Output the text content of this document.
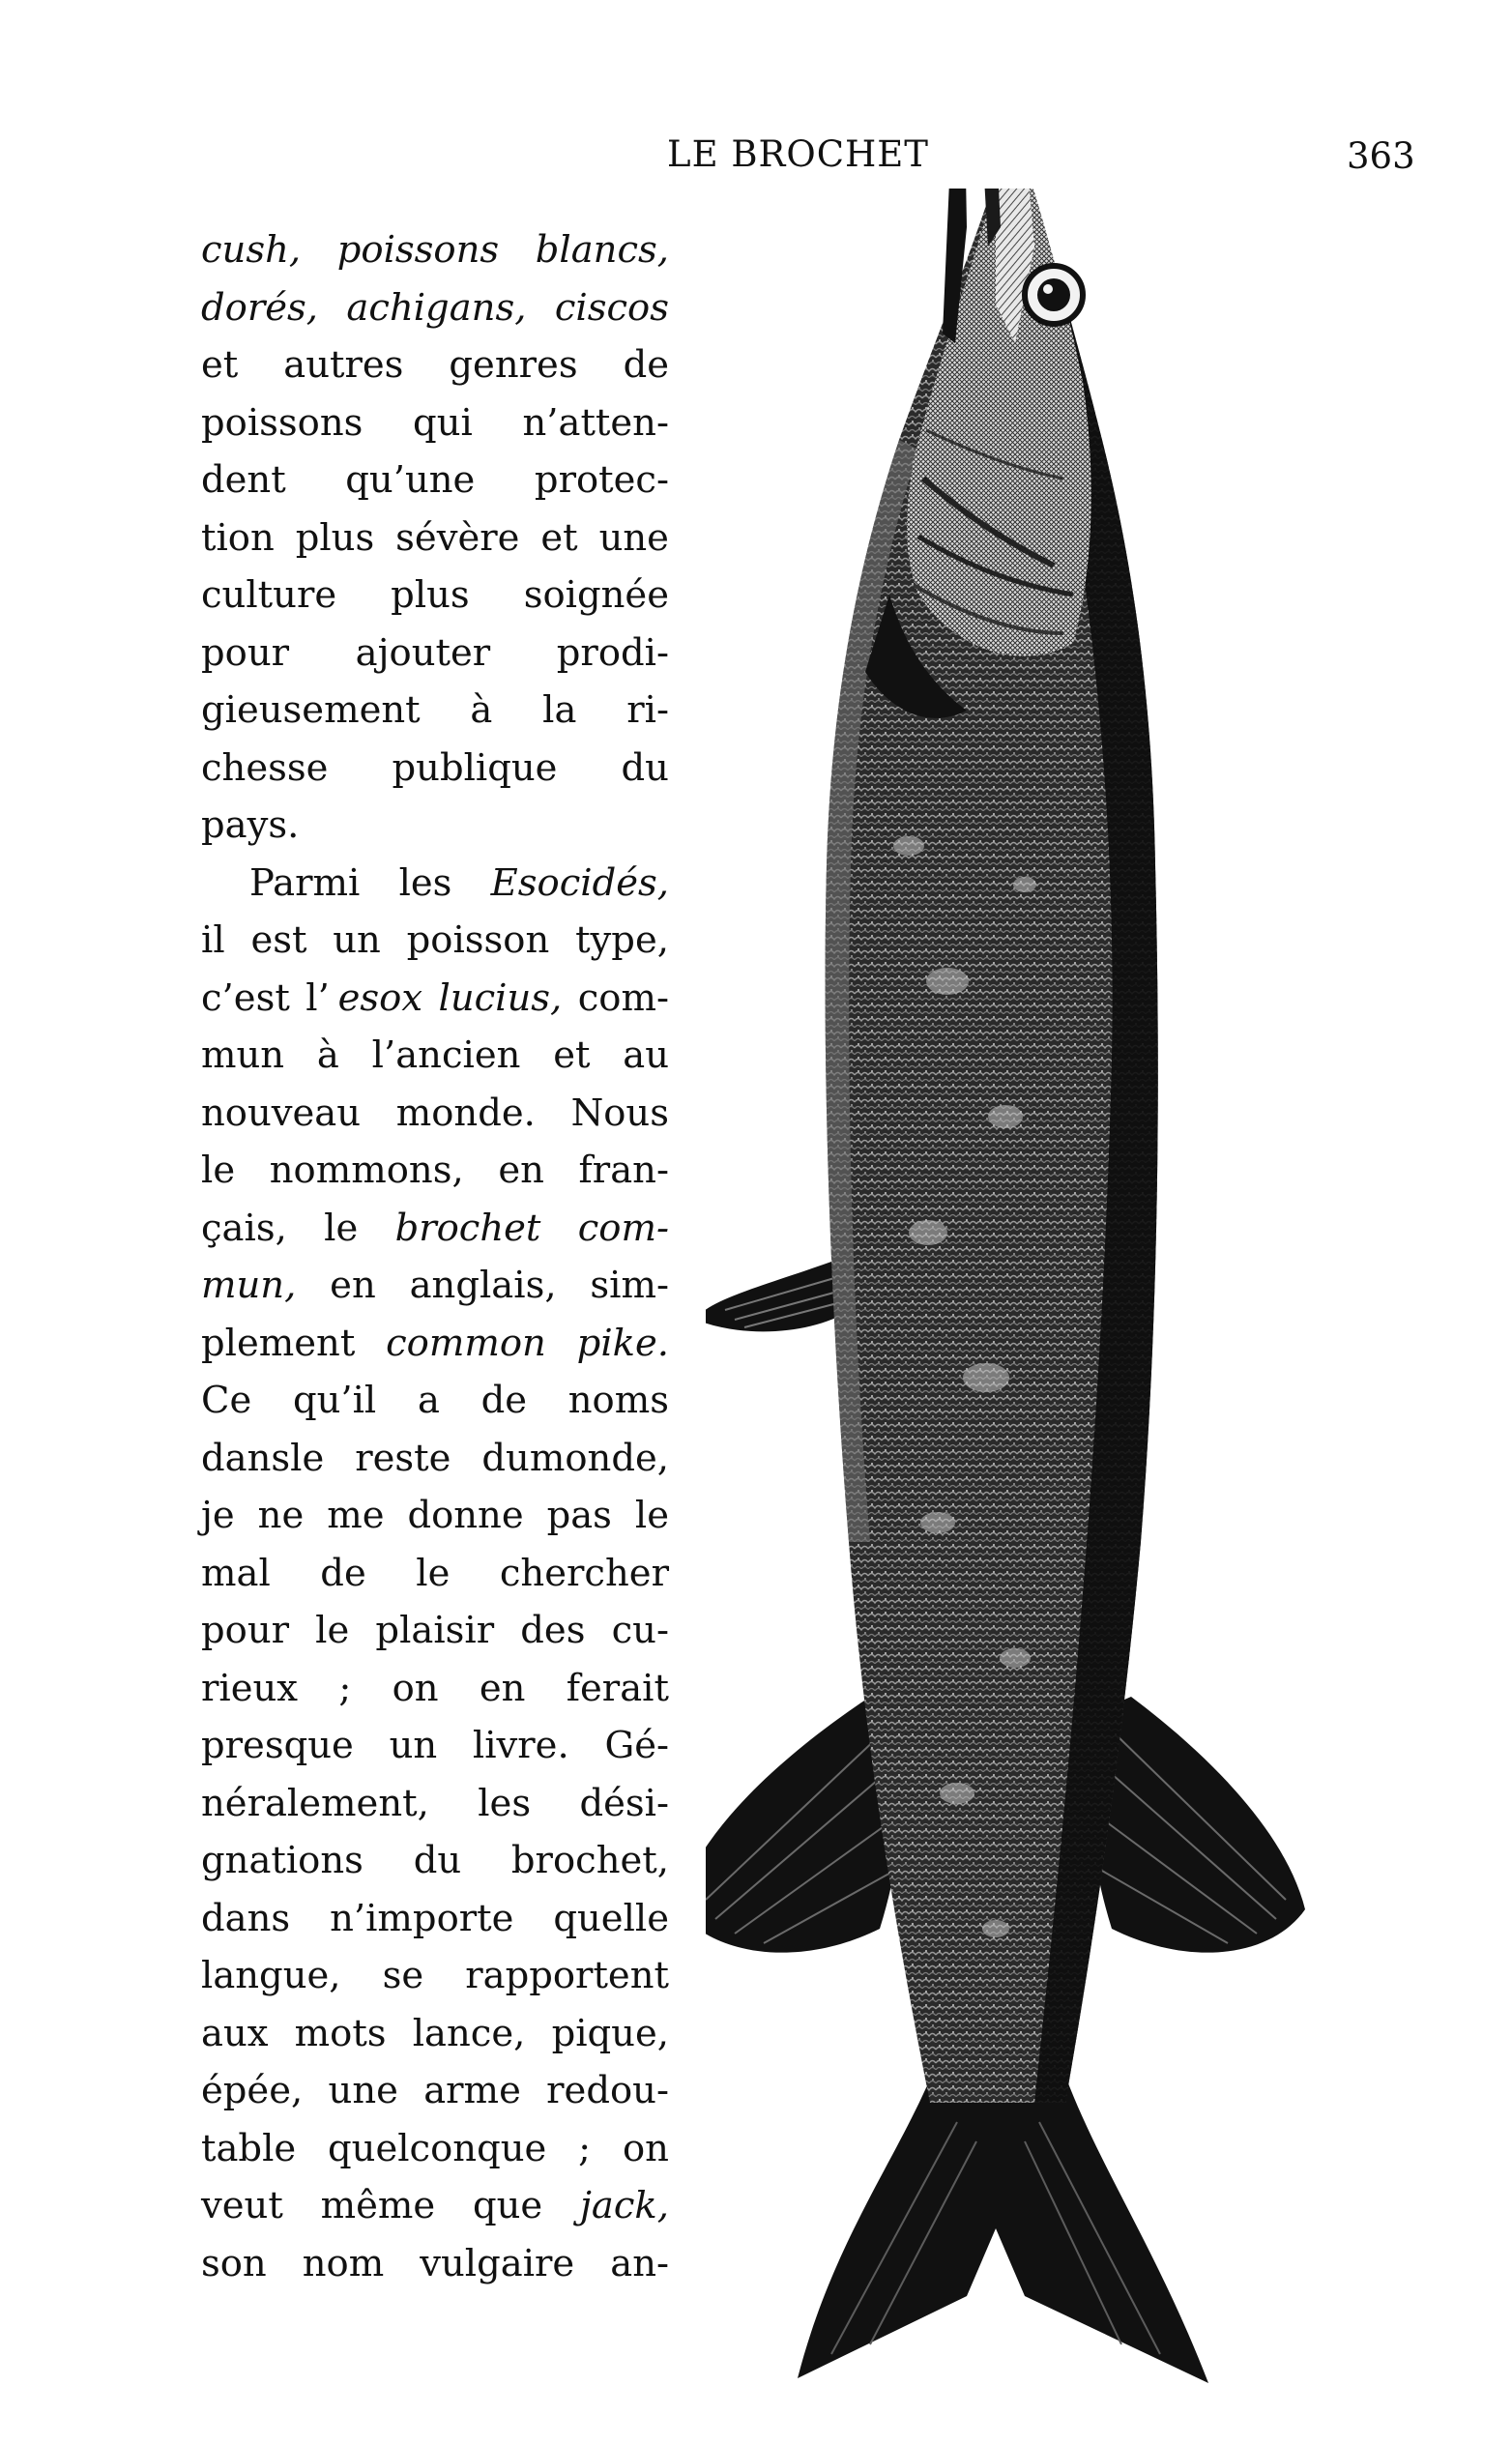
LE BROCHET	363
cush, poissons blancs,
dorés, achigans, ciscos
et autres genres de
poissons qui n’atten-
dent qu’une protec-
tion plus sévère et une
culture plus soignée
pour ajouter prodi-
gieusement à la ri-
chesse publique du
pays.
Parmi les Esocidés,
il est un poisson type,
c’est l’ esox lucius, com-
mun à l’ancien et au
nouveau monde. Nous
le nommons, en fran-
çais, le brochet com-
mun, en anglais, sim-
plement common pike.
Ce qu’il a de noms
dansle reste dumonde,
je ne me donne pas le
mal de le chercher
pour le plaisir des cu-
rieux ; on en ferait
presque un livre. Gé-
néralement, les dési-
gnations du brochet,
dans n’importe quelle
langue, se rapportent
aux mots lance, pique,
épée, une arme redou-
table quelconque ; on
veut même que jack,
son nom vulgaire an-
